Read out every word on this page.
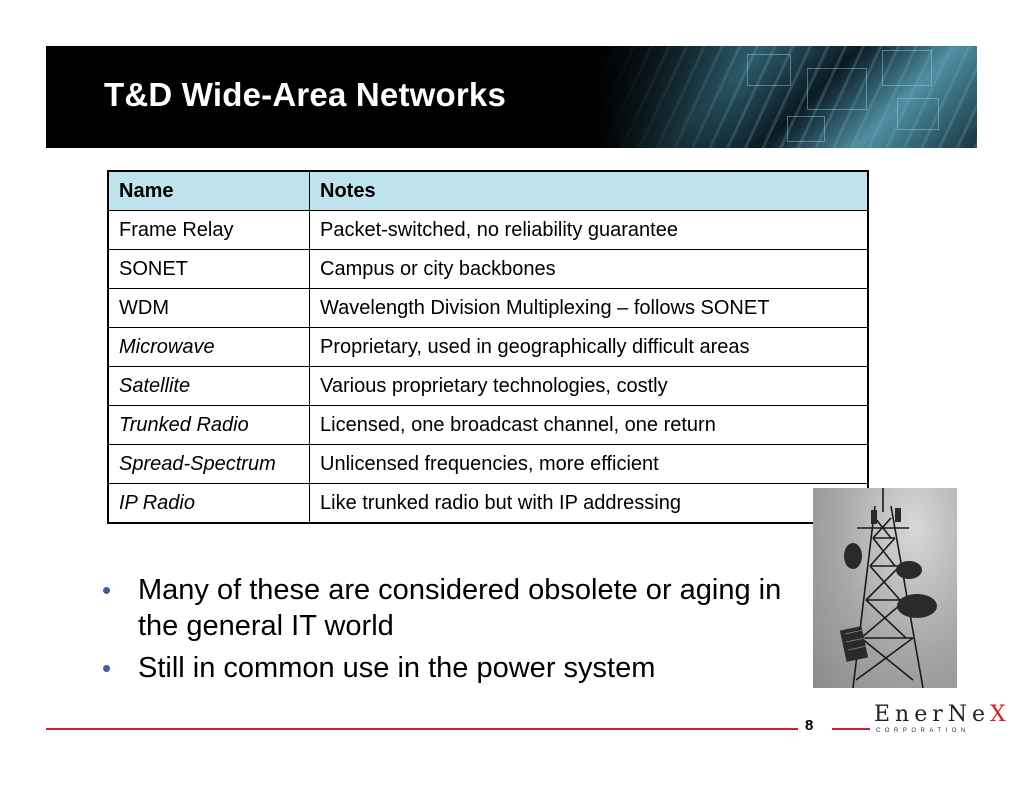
T&D Wide-Area Networks
Name	Notes
Frame Relay	Packet-switched, no reliability guarantee
SONET	Campus or city backbones
WDM	Wavelength Division Multiplexing – follows SONET
Microwave	Proprietary, used in geographically difficult areas
Satellite	Various proprietary technologies, costly
Trunked Radio	Licensed, one broadcast channel, one return
Spread-Spectrum	Unlicensed frequencies, more efficient
IP Radio	Like trunked radio but with IP addressing
• Many of these are considered obsolete or aging in the general IT world
• Still in common use in the power system
8	EnerNeX
CORPORATION
